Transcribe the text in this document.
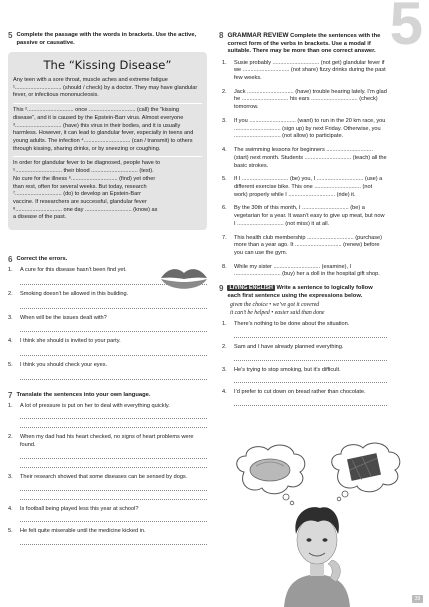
5
5 Complete the passage with the words in brackets. Use the active, passive or causative.
The “Kissing Disease”

Any teen with a sore throat, muscle aches and extreme fatigue ¹.............................. (should / check) by a doctor. They may have glandular fever, or infectious mononucleosis.

This ².............................. once .............................. (call) the “kissing disease”, and it is caused by the Epstein-Barr virus. Almost everyone ³.............................. (have) this virus in their bodies, and it is usually harmless. However, it can lead to glandular fever, especially in teens and young adults. The infection ⁴.............................. (can / transmit) to others through kissing, sharing drinks, or by sneezing or coughing.

In order for glandular fever to be diagnosed, people have to ⁵.............................. their blood .............................. (test). No cure for the illness ⁶.............................. (find) yet other than rest, often for several weeks. But today, research ⁷.............................. (do) to develop an Epstein-Barr vaccine. If researchers are successful, glandular fever ⁸.............................. one day .............................. (know) as a disease of the past.

6 Correct the errors.
1.	A cure for this disease hasn’t been find yet.
2.	Smoking doesn’t be allowed in this building.
3.	When will be the issues dealt with?
4.	I think she should is invited to your party.
5.	I think you should check your eyes.
7 Translate the sentences into your own language.
1.	A lot of pressure is put on her to deal with everything quickly.
2.	When my dad had his heart checked, no signs of heart problems were found.
3.	Their research showed that some diseases can be sensed by dogs.
4.	Is football being played less this year at school?
5.	He felt quite miserable until the medicine kicked in.
8 GRAMMAR REVIEW Complete the sentences with the correct form of the verbs in brackets. Use a modal if suitable. There may be more than one correct answer.
1.	Susie probably .............................. (not get) glandular fever if we .............................. (not share) fizzy drinks during the past few weeks.
2.	Jack .............................. (have) trouble hearing lately. I’m glad he .............................. his ears .............................. (check) tomorrow.
3.	If you .............................. (want) to run in the 20 km race, you .............................. (sign up) by next Friday. Otherwise, you .............................. (not allow) to participate.
4.	The swimming lessons for beginners .............................. (start) next month. Students .............................. (teach) all the basic strokes.
5.	If I .............................. (be) you, I .............................. (use) a different exercise bike. This one .............................. (not work) properly while I .............................. (ride) it.
6.	By the 30th of this month, I .............................. (be) a vegetarian for a year. It wasn’t easy to give up meat, but now I .............................. (not miss) it at all.
7.	This health club membership .............................. (purchase) more than a year ago. It .............................. (renew) before you can use the gym.
8.	While my sister .............................. (examine), I .............................. (buy) her a doll in the hospital gift shop.
9	LIVING ENGLISH Write a sentence to logically follow each first sentence using the expressions below.
given the choice • we’ve got it covered
it can’t be helped • easier said than done
1.	There’s nothing to be done about the situation.
2.	Sam and I have already planned everything.
3.	He’s trying to stop smoking, but it’s difficult.
4.	I’d prefer to cut down on bread rather than chocolate.
39
